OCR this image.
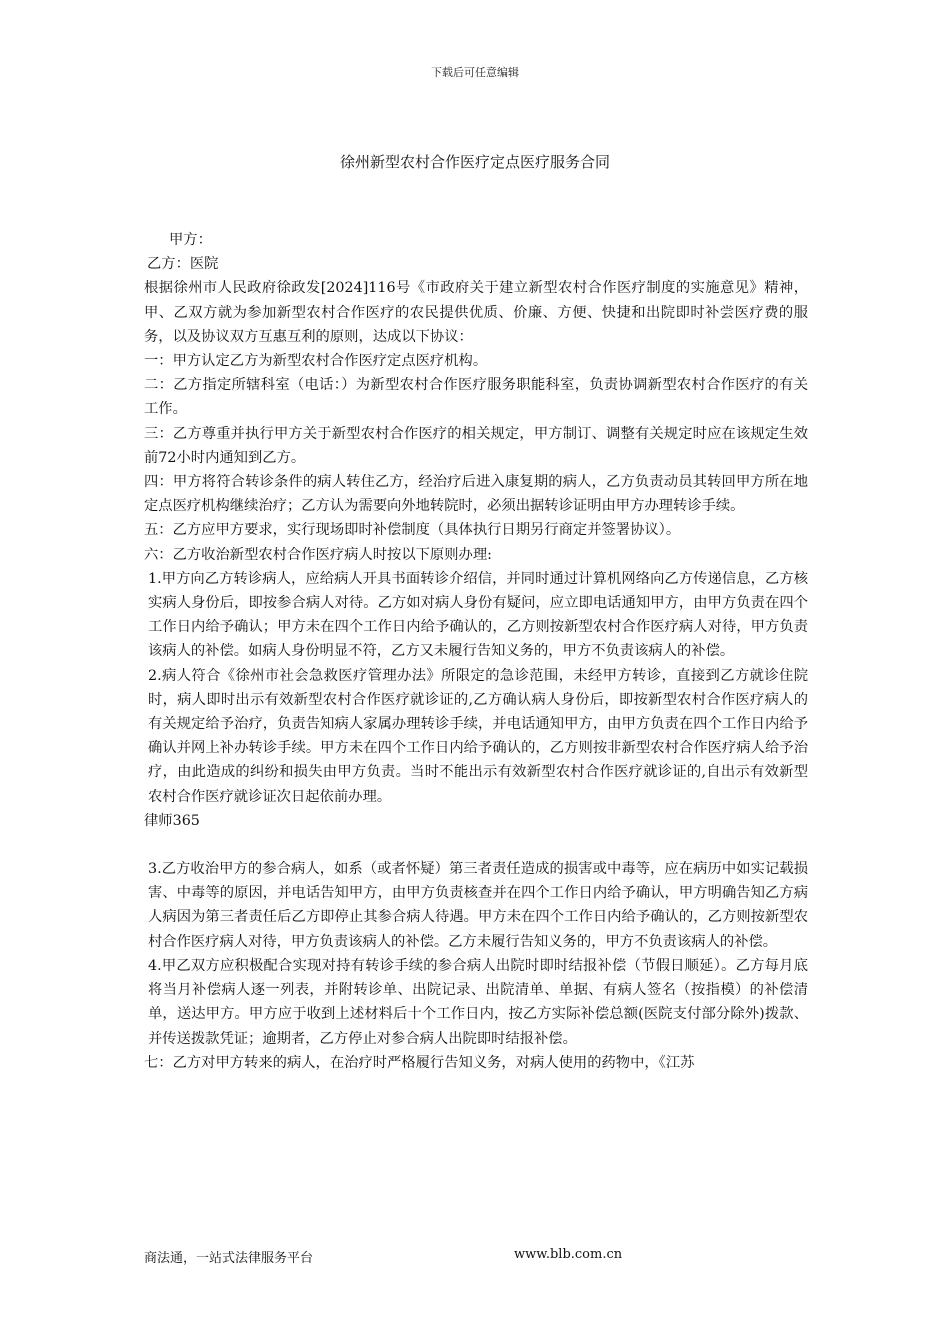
下载后可任意编辑
徐州新型农村合作医疗定点医疗服务合同

甲方：

乙方：医院

根据徐州市人民政府徐政发[2024]116号《市政府关于建立新型农村合作医疗制度的实施意见》精神，甲、乙双方就为参加新型农村合作医疗的农民提供优质、价廉、方便、快捷和出院即时补尝医疗费的服务，以及协议双方互惠互利的原则，达成以下协议：

一：甲方认定乙方为新型农村合作医疗定点医疗机构。

二：乙方指定所辖科室（电话：）为新型农村合作医疗服务职能科室，负责协调新型农村合作医疗的有关工作。

三：乙方尊重并执行甲方关于新型农村合作医疗的相关规定，甲方制订、调整有关规定时应在该规定生效前72小时内通知到乙方。

四：甲方将符合转诊条件的病人转住乙方，经治疗后进入康复期的病人，乙方负责动员其转回甲方所在地定点医疗机构继续治疗；乙方认为需要向外地转院时，必须出据转诊证明由甲方办理转诊手续。

五：乙方应甲方要求，实行现场即时补偿制度（具体执行日期另行商定并签署协议）。

六：乙方收治新型农村合作医疗病人时按以下原则办理:

1.甲方向乙方转诊病人，应给病人开具书面转诊介绍信，并同时通过计算机网络向乙方传递信息，乙方核实病人身份后，即按参合病人对待。乙方如对病人身份有疑问，应立即电话通知甲方，由甲方负责在四个工作日内给予确认；甲方未在四个工作日内给予确认的，乙方则按新型农村合作医疗病人对待，甲方负责该病人的补偿。如病人身份明显不符，乙方又未履行告知义务的，甲方不负责该病人的补偿。

2.病人符合《徐州市社会急救医疗管理办法》所限定的急诊范围，未经甲方转诊，直接到乙方就诊住院时，病人即时出示有效新型农村合作医疗就诊证的,乙方确认病人身份后，即按新型农村合作医疗病人的有关规定给予治疗，负责告知病人家属办理转诊手续，并电话通知甲方，由甲方负责在四个工作日内给予确认并网上补办转诊手续。甲方未在四个工作日内给予确认的，乙方则按非新型农村合作医疗病人给予治疗，由此造成的纠纷和损失由甲方负责。当时不能出示有效新型农村合作医疗就诊证的,自出示有效新型农村合作医疗就诊证次日起依前办理。

律师365

3.乙方收治甲方的参合病人，如系（或者怀疑）第三者责任造成的损害或中毒等，应在病历中如实记载损害、中毒等的原因，并电话告知甲方，由甲方负责核查并在四个工作日内给予确认，甲方明确告知乙方病人病因为第三者责任后乙方即停止其参合病人待遇。甲方未在四个工作日内给予确认的，乙方则按新型农村合作医疗病人对待，甲方负责该病人的补偿。乙方未履行告知义务的，甲方不负责该病人的补偿。

4.甲乙双方应积极配合实现对持有转诊手续的参合病人出院时即时结报补偿（节假日顺延）。乙方每月底将当月补偿病人逐一列表，并附转诊单、出院记录、出院清单、单据、有病人签名（按指模）的补偿清单，送达甲方。甲方应于收到上述材料后十个工作日内，按乙方实际补偿总额(医院支付部分除外)拨款、并传送拨款凭证；逾期者，乙方停止对参合病人出院即时结报补偿。

七：乙方对甲方转来的病人，在治疗时严格履行告知义务，对病人使用的药物中，《江苏

商法通，一站式法律服务平台	www.blb.com.cn
